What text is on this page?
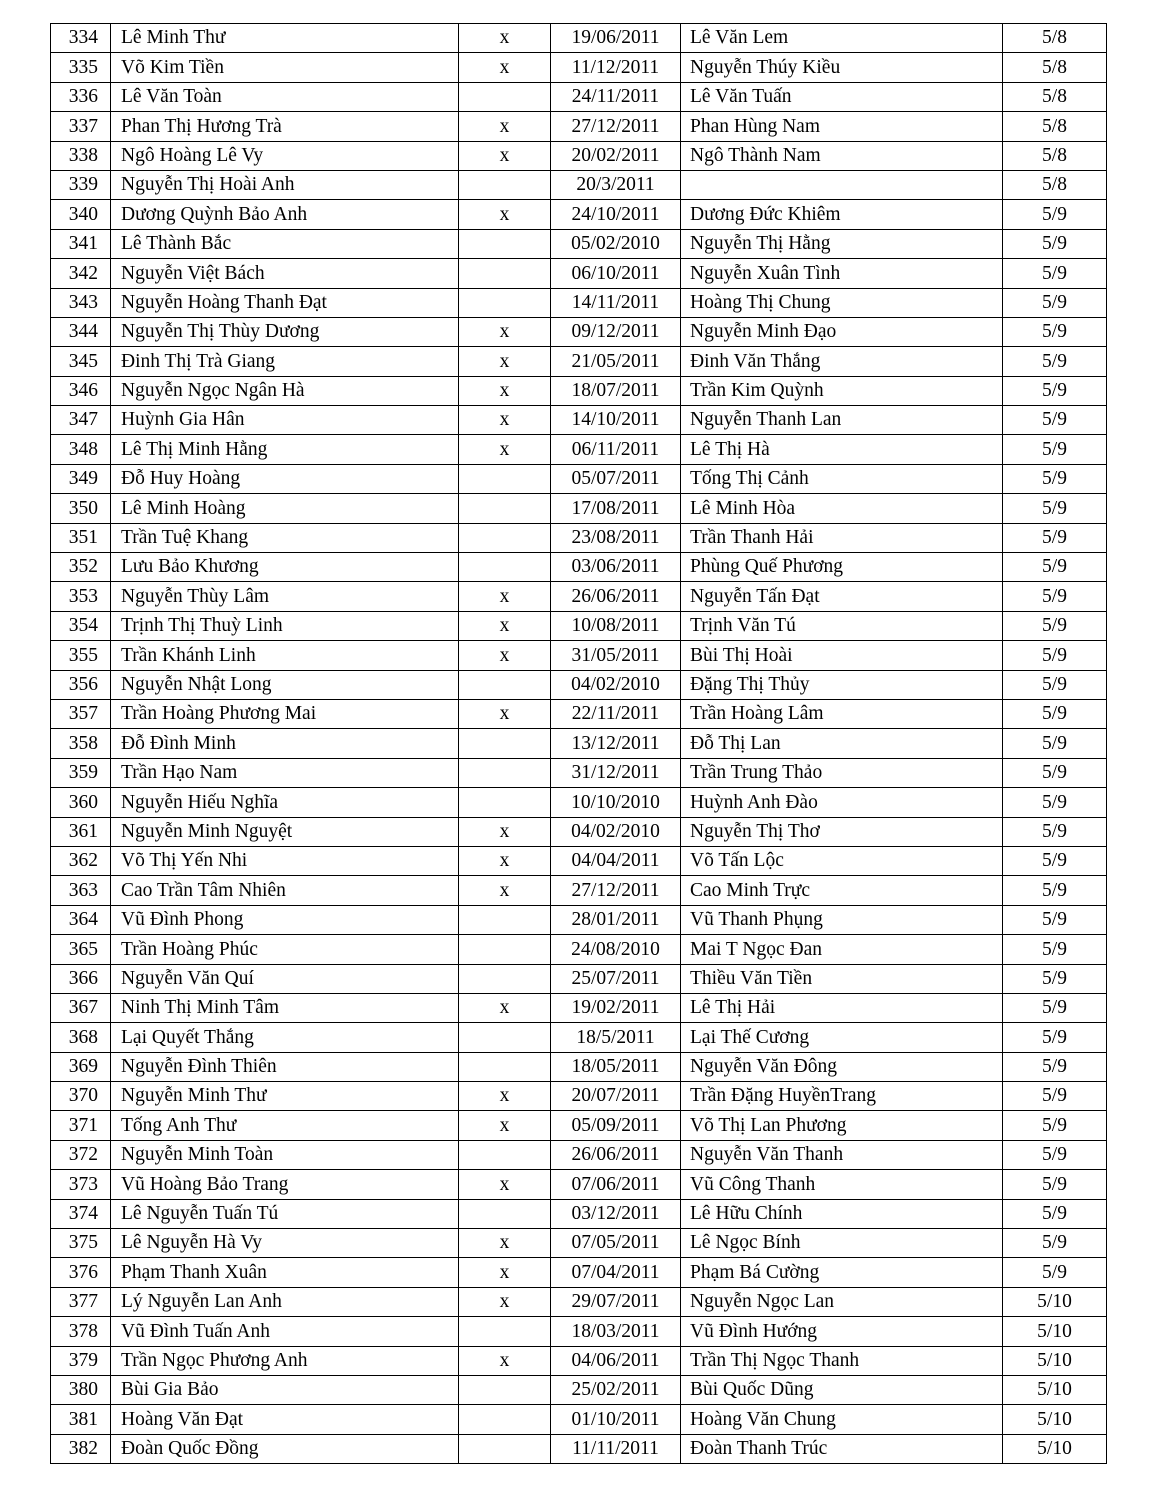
334	Lê Minh Thư	x	19/06/2011	Lê Văn Lem	5/8
335	Võ Kim Tiền	x	11/12/2011	Nguyễn Thúy Kiều	5/8
336	Lê Văn Toàn		24/11/2011	Lê Văn Tuấn	5/8
337	Phan Thị Hương Trà	x	27/12/2011	Phan Hùng Nam	5/8
338	Ngô Hoàng Lê Vy	x	20/02/2011	Ngô Thành Nam	5/8
339	Nguyễn Thị Hoài Anh		20/3/2011		5/8
340	Dương Quỳnh Bảo Anh	x	24/10/2011	Dương Đức Khiêm	5/9
341	Lê Thành Bắc		05/02/2010	Nguyễn Thị Hằng	5/9
342	Nguyễn Việt Bách		06/10/2011	Nguyễn Xuân Tình	5/9
343	Nguyễn Hoàng Thanh Đạt		14/11/2011	Hoàng Thị Chung	5/9
344	Nguyễn Thị Thùy Dương	x	09/12/2011	Nguyễn Minh Đạo	5/9
345	Đinh Thị Trà Giang	x	21/05/2011	Đinh Văn Thắng	5/9
346	Nguyễn Ngọc Ngân Hà	x	18/07/2011	Trần Kim Quỳnh	5/9
347	Huỳnh Gia Hân	x	14/10/2011	Nguyễn Thanh Lan	5/9
348	Lê Thị Minh Hằng	x	06/11/2011	Lê Thị Hà	5/9
349	Đỗ Huy Hoàng		05/07/2011	Tống Thị Cảnh	5/9
350	Lê Minh Hoàng		17/08/2011	Lê Minh Hòa	5/9
351	Trần Tuệ Khang		23/08/2011	Trần Thanh Hải	5/9
352	Lưu Bảo Khương		03/06/2011	Phùng Quế Phương	5/9
353	Nguyễn Thùy Lâm	x	26/06/2011	Nguyễn Tấn Đạt	5/9
354	Trịnh Thị Thuỳ Linh	x	10/08/2011	Trịnh Văn Tú	5/9
355	Trần Khánh Linh	x	31/05/2011	Bùi Thị Hoài	5/9
356	Nguyễn Nhật Long		04/02/2010	Đặng Thị Thủy	5/9
357	Trần Hoàng Phương Mai	x	22/11/2011	Trần Hoàng Lâm	5/9
358	Đỗ Đình Minh		13/12/2011	Đỗ Thị Lan	5/9
359	Trần Hạo Nam		31/12/2011	Trần Trung Thảo	5/9
360	Nguyễn Hiếu Nghĩa		10/10/2010	Huỳnh Anh Đào	5/9
361	Nguyễn Minh Nguyệt	x	04/02/2010	Nguyễn Thị Thơ	5/9
362	Võ Thị Yến Nhi	x	04/04/2011	Võ Tấn Lộc	5/9
363	Cao Trần Tâm Nhiên	x	27/12/2011	Cao Minh Trực	5/9
364	Vũ Đình Phong		28/01/2011	Vũ Thanh Phụng	5/9
365	Trần Hoàng Phúc		24/08/2010	Mai T Ngọc Đan	5/9
366	Nguyễn Văn Quí		25/07/2011	Thiều Văn Tiền	5/9
367	Ninh Thị Minh Tâm	x	19/02/2011	Lê Thị Hải	5/9
368	Lại Quyết Thắng		18/5/2011	Lại Thế Cương	5/9
369	Nguyễn Đình Thiên		18/05/2011	Nguyễn Văn Đông	5/9
370	Nguyễn Minh Thư	x	20/07/2011	Trần Đặng HuyềnTrang	5/9
371	Tống Anh Thư	x	05/09/2011	Võ Thị Lan Phương	5/9
372	Nguyễn Minh Toàn		26/06/2011	Nguyễn Văn Thanh	5/9
373	Vũ Hoàng Bảo Trang	x	07/06/2011	Vũ Công Thanh	5/9
374	Lê Nguyễn Tuấn Tú		03/12/2011	Lê Hữu Chính	5/9
375	Lê Nguyễn Hà Vy	x	07/05/2011	Lê Ngọc Bính	5/9
376	Phạm Thanh Xuân	x	07/04/2011	Phạm Bá Cường	5/9
377	Lý Nguyễn Lan Anh	x	29/07/2011	Nguyễn Ngọc Lan	5/10
378	Vũ Đình Tuấn Anh		18/03/2011	Vũ Đình Hướng	5/10
379	Trần Ngọc Phương Anh	x	04/06/2011	Trần Thị Ngọc Thanh	5/10
380	Bùi Gia Bảo		25/02/2011	Bùi Quốc Dũng	5/10
381	Hoàng Văn Đạt		01/10/2011	Hoàng Văn Chung	5/10
382	Đoàn Quốc Đồng		11/11/2011	Đoàn Thanh Trúc	5/10
